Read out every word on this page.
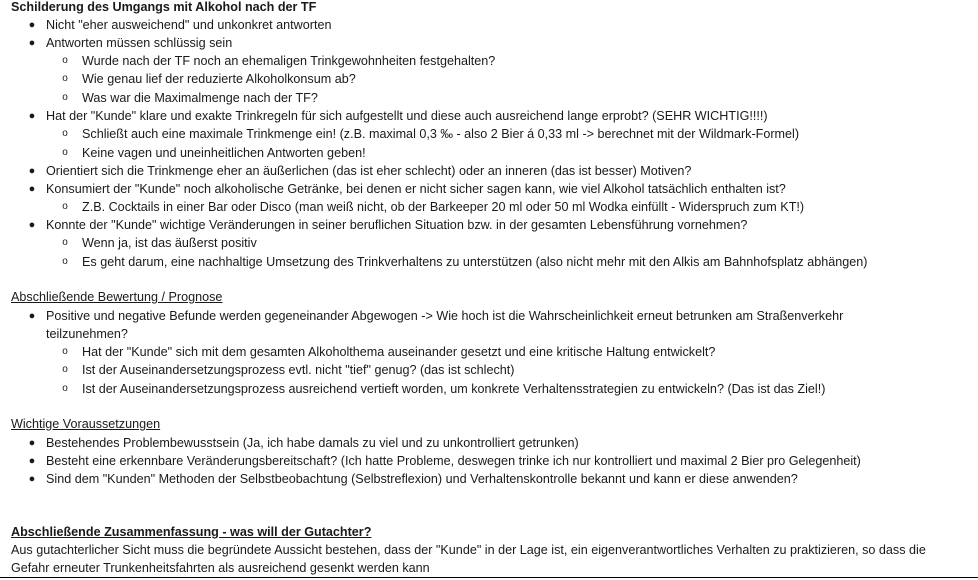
Schilderung des Umgangs mit Alkohol nach der TF
● Nicht "eher ausweichend" und unkonkret antworten
● Antworten müssen schlüssig sein
o Wurde nach der TF noch an ehemaligen Trinkgewohnheiten festgehalten?
o Wie genau lief der reduzierte Alkoholkonsum ab?
o Was war die Maximalmenge nach der TF?
● Hat der "Kunde" klare und exakte Trinkregeln für sich aufgestellt und diese auch ausreichend lange erprobt? (SEHR WICHTIG!!!!)
o Schließt auch eine maximale Trinkmenge ein! (z.B. maximal 0,3 ‰ - also 2 Bier á 0,33 ml -> berechnet mit der Wildmark-Formel)
o Keine vagen und uneinheitlichen Antworten geben!
● Orientiert sich die Trinkmenge eher an äußerlichen (das ist eher schlecht) oder an inneren (das ist besser) Motiven?
● Konsumiert der "Kunde" noch alkoholische Getränke, bei denen er nicht sicher sagen kann, wie viel Alkohol tatsächlich enthalten ist?
o Z.B. Cocktails in einer Bar oder Disco (man weiß nicht, ob der Barkeeper 20 ml oder 50 ml Wodka einfüllt - Widerspruch zum KT!)
● Konnte der "Kunde" wichtige Veränderungen in seiner beruflichen Situation bzw. in der gesamten Lebensführung vornehmen?
o Wenn ja, ist das äußerst positiv
o Es geht darum, eine nachhaltige Umsetzung des Trinkverhaltens zu unterstützen (also nicht mehr mit den Alkis am Bahnhofsplatz abhängen)
Abschließende Bewertung / Prognose
● Positive und negative Befunde werden gegeneinander Abgewogen -> Wie hoch ist die Wahrscheinlichkeit erneut betrunken am Straßenverkehr
teilzunehmen?
o Hat der "Kunde" sich mit dem gesamten Alkoholthema auseinander gesetzt und eine kritische Haltung entwickelt?
o Ist der Auseinandersetzungsprozess evtl. nicht "tief" genug? (das ist schlecht)
o Ist der Auseinandersetzungsprozess ausreichend vertieft worden, um konkrete Verhaltensstrategien zu entwickeln? (Das ist das Ziel!)
Wichtige Voraussetzungen
● Bestehendes Problembewusstsein (Ja, ich habe damals zu viel und zu unkontrolliert getrunken)
● Besteht eine erkennbare Veränderungsbereitschaft? (Ich hatte Probleme, deswegen trinke ich nur kontrolliert und maximal 2 Bier pro Gelegenheit)
● Sind dem "Kunden" Methoden der Selbstbeobachtung (Selbstreflexion) und Verhaltenskontrolle bekannt und kann er diese anwenden?
Abschließende Zusammenfassung - was will der Gutachter?
Aus gutachterlicher Sicht muss die begründete Aussicht bestehen, dass der "Kunde" in der Lage ist, ein eigenverantwortliches Verhalten zu praktizieren, so dass die Gefahr erneuter Trunkenheitsfahrten als ausreichend gesenkt werden kann
